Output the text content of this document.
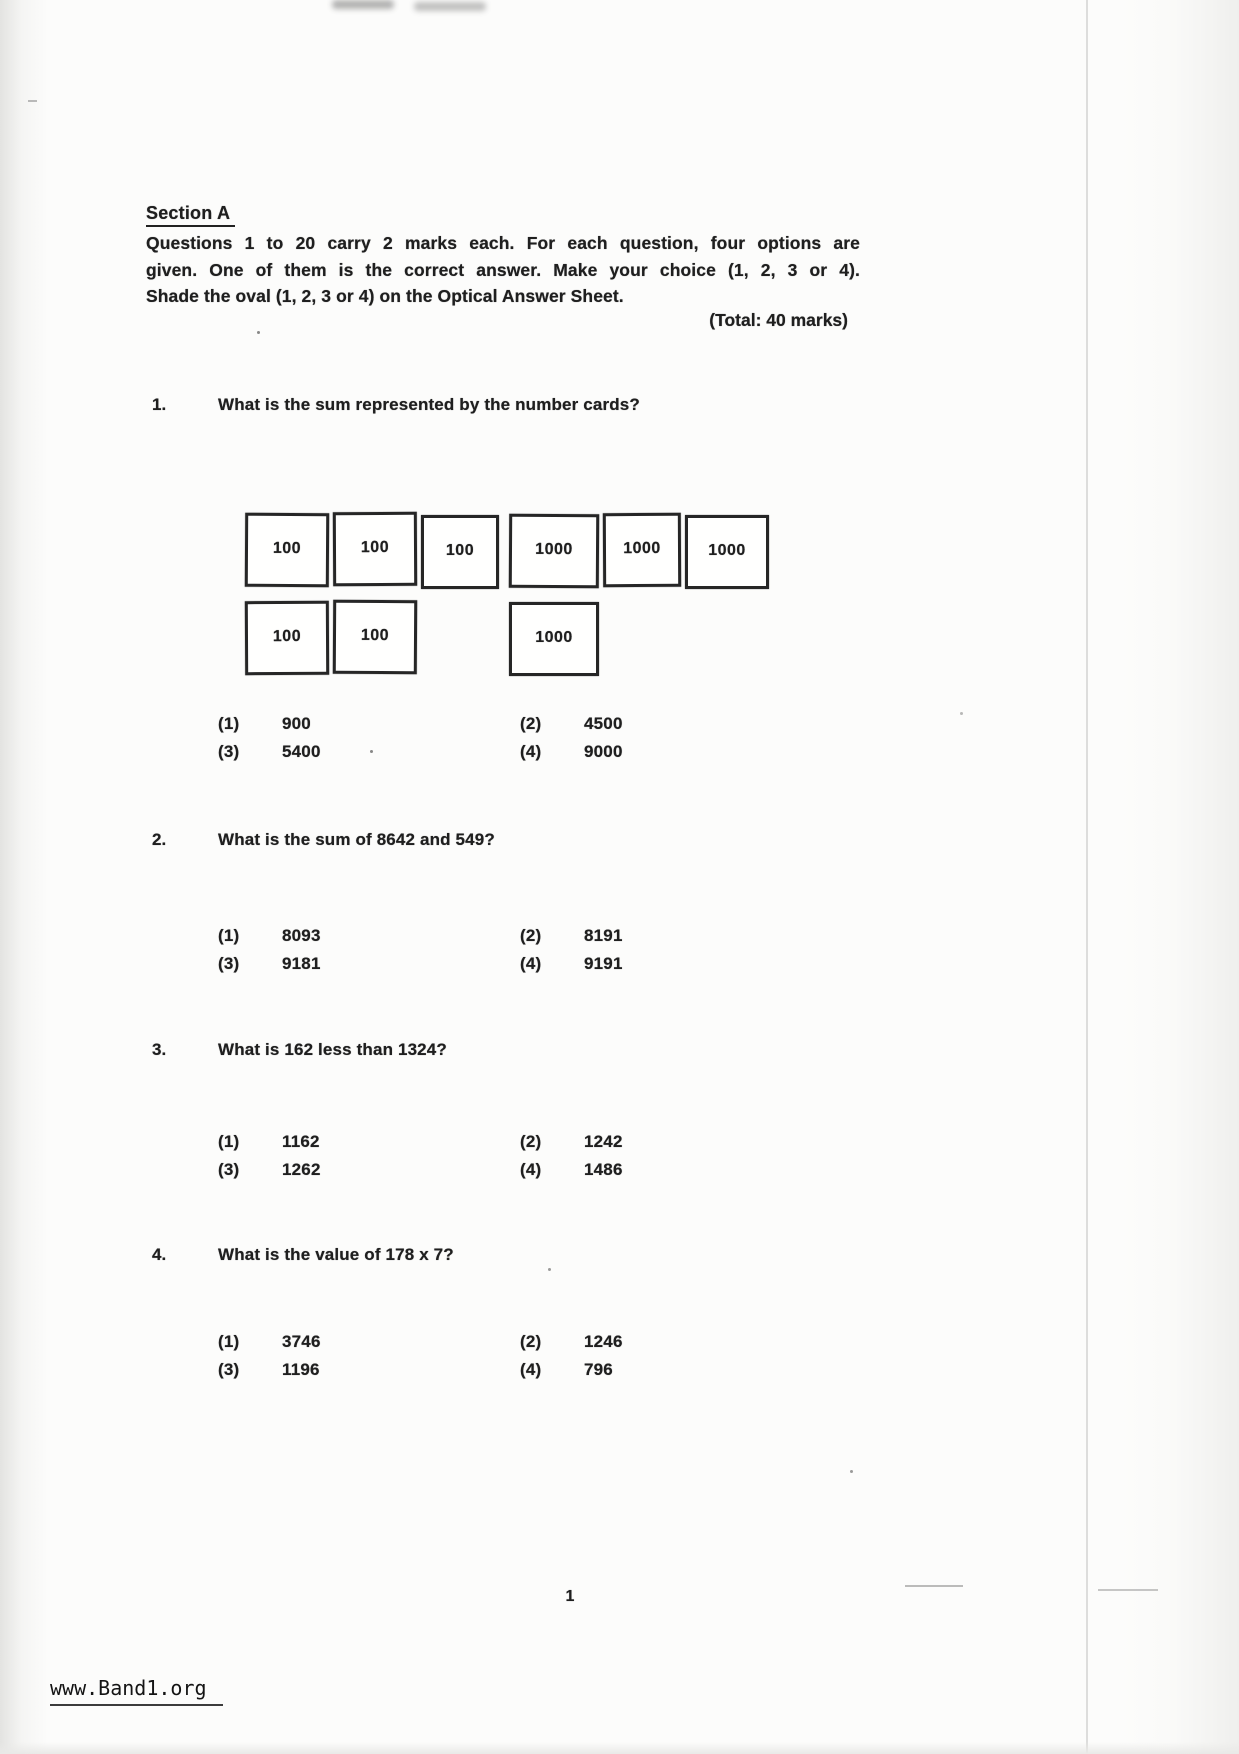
Section A
Questions 1 to 20 carry 2 marks each. For each question, four options are
given. One of them is the correct answer. Make your choice (1, 2, 3 or 4).
Shade the oval (1, 2, 3 or 4) on the Optical Answer Sheet.
(Total: 40 marks)
1.	What is the sum represented by the number cards?
100	100	100	1000	1000	1000
100	100	1000
(1)	900	(2)	4500
(3)	5400	(4)	9000
2.	What is the sum of 8642 and 549?
(1)	8093	(2)	8191
(3)	9181	(4)	9191
3.	What is 162 less than 1324?
(1)	1162	(2)	1242
(3)	1262	(4)	1486
4.	What is the value of 178 x 7?
(1)	3746	(2)	1246
(3)	1196	(4)	796
1
www.Band1.org
